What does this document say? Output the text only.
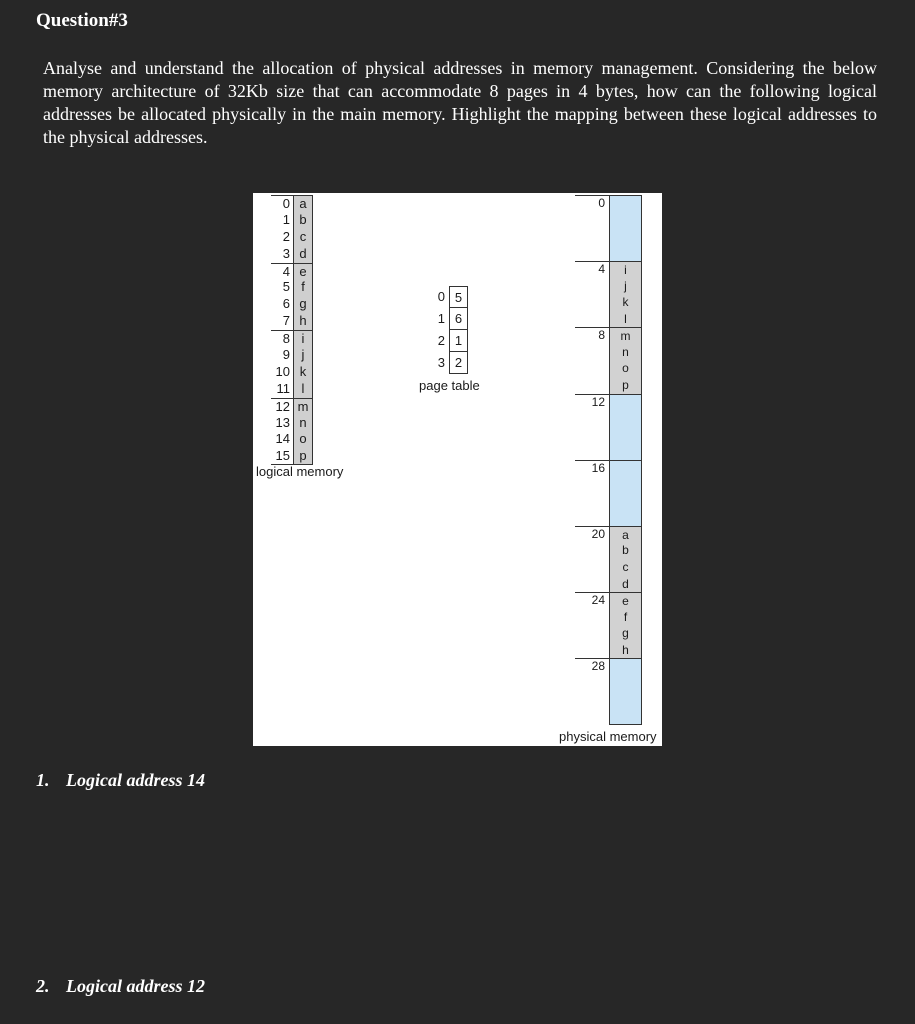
Question#3
Analyse and understand the allocation of physical addresses in memory management. Considering the below memory architecture of 32Kb size that can accommodate 8 pages in 4 bytes, how can the following logical addresses be allocated physically in the main memory. Highlight the mapping between these logical addresses to the physical addresses.
0 a
1 b
2 c
3 d
4 e
5 f
6 g
7 h
8 i
9 j
10 k
11 l
12 m
13 n
14 o
15 p
logical memory
0 5
1 6
2 1
3 2
page table
0
4	i
j
k
l
8	m
n
o
p
12
16
20	a
b
c
d
24	e
f
g
h
28
physical memory
1. Logical address 14
2. Logical address 12
